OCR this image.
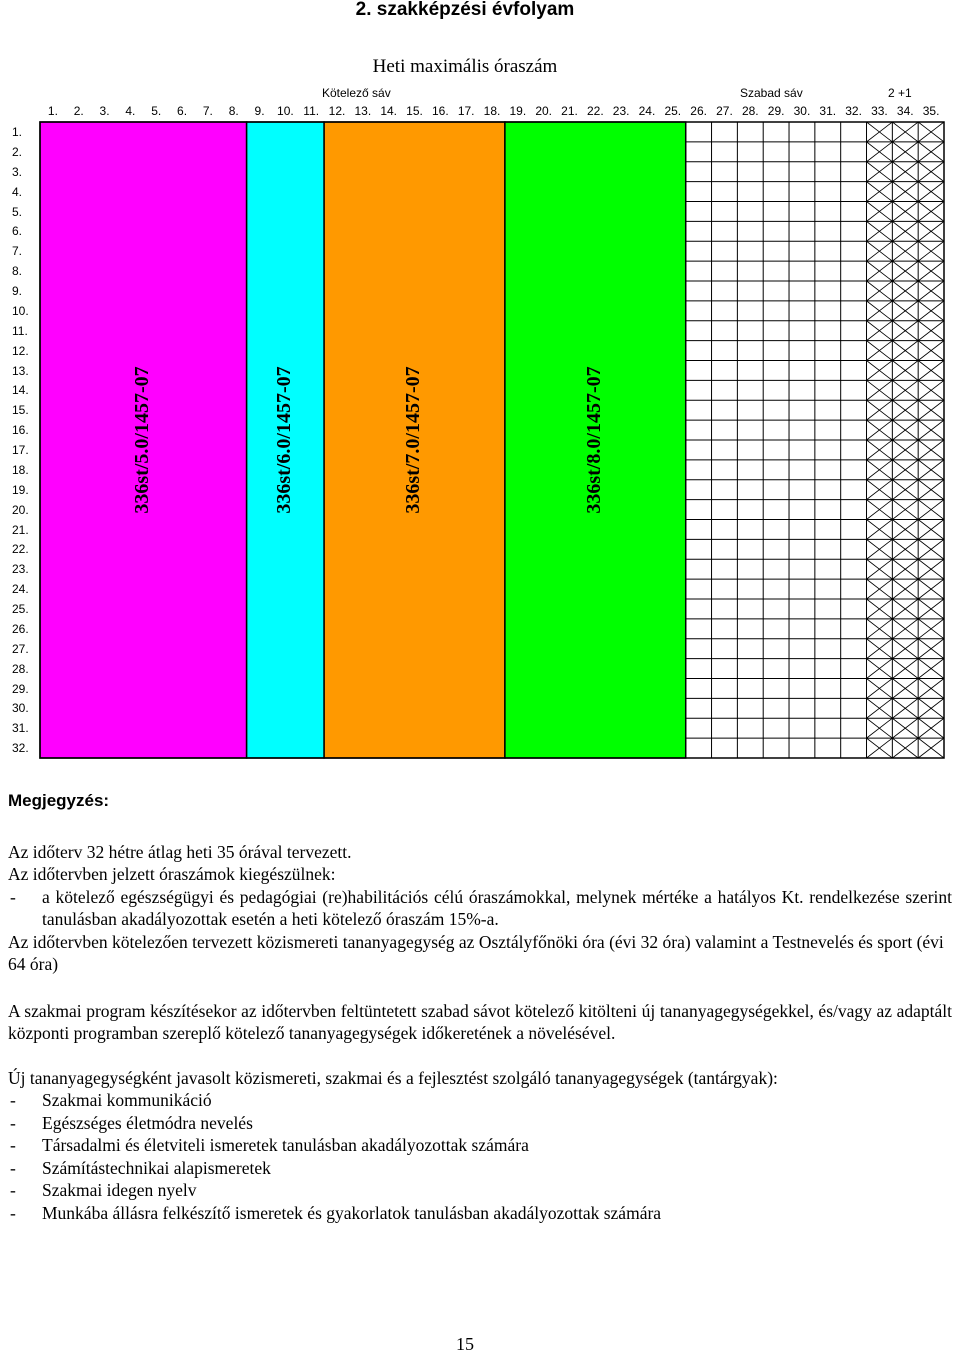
2. szakképzési évfolyam
Heti maximális óraszám
Kötelező sáv	Szabad sáv	2 +1
1. 2. 3. 4. 5. 6. 7. 8. 9. 10. 11. 12. 13. 14. 15. 16. 17. 18. 19. 20. 21. 22. 23. 24. 25. 26. 27. 28. 29. 30. 31. 32. 33. 34. 35.
1.
2.
3.
4.
5.
6.
7.
8.
9.
10.
11.
12.
13.
14.
15.
16.
17.
18.
19.
20.
21.
22.
23.
24.
25.
26.
27.
28.
29.
30.
31.
32.
336st/5.0/1457-07	336st/6.0/1457-07	336st/7.0/1457-07	336st/8.0/1457-07

Megjegyzés:

Az időterv 32 hétre átlag heti 35 órával tervezett.

Az időtervben jelzett óraszámok kiegészülnek:

-	a kötelező egészségügyi és pedagógiai (re)habilitációs célú óraszámokkal, melynek mértéke a hatályos Kt. rendelkezése szerint tanulásban akadályozottak esetén a heti kötelező óraszám 15%-a.

Az időtervben kötelezően tervezett közismereti tananyagegység az Osztályfőnöki óra (évi 32 óra) valamint a Testnevelés és sport (évi 64 óra)

A szakmai program készítésekor az időtervben feltüntetett szabad sávot kötelező kitölteni új tananyagegységekkel, és/vagy az adaptált központi programban szereplő kötelező tananyagegységek időkeretének a növelésével.

Új tananyagegységként javasolt közismereti, szakmai és a fejlesztést szolgáló tananyagegységek (tantárgyak):

-	Szakmai kommunikáció
-	Egészséges életmódra nevelés
-	Társadalmi és életviteli ismeretek tanulásban akadályozottak számára
-	Számítástechnikai alapismeretek
-	Szakmai idegen nyelv
-	Munkába állásra felkészítő ismeretek és gyakorlatok tanulásban akadályozottak számára
15
